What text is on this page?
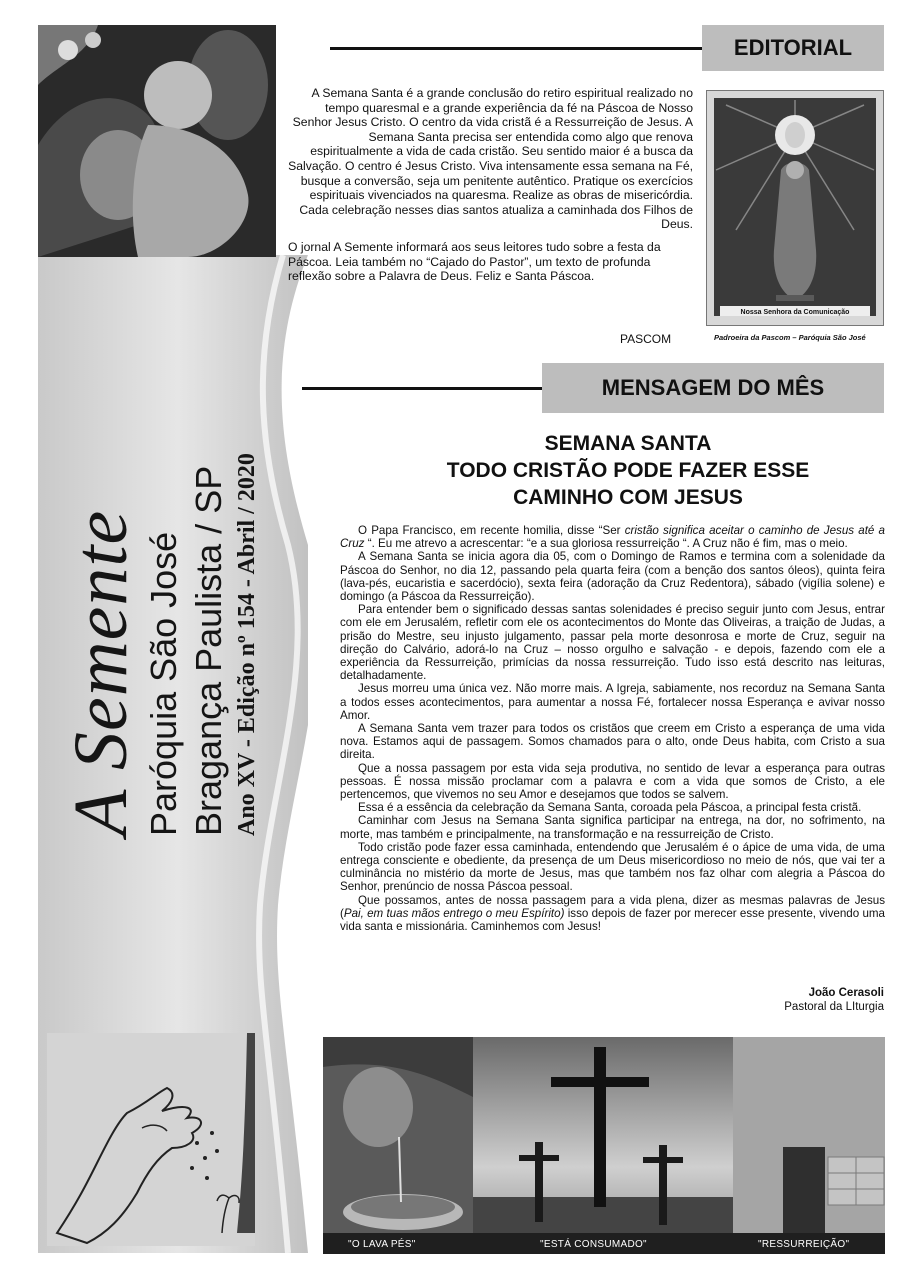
A Semente Paróquia São José Bragança Paulista / SP Ano XV - Edição nº 154 - Abril / 2020
EDITORIAL

A Semana Santa é a grande conclusão do retiro espiritual realizado no tempo quaresmal e a grande experiência da fé na Páscoa de Nosso Senhor Jesus Cristo. O centro da vida cristã é a Ressurreição de Jesus. A Semana Santa precisa ser entendida como algo que renova espiritualmente a vida de cada cristão. Seu sentido maior é a busca da Salvação. O centro é Jesus Cristo. Viva intensamente essa semana na Fé, busque a conversão, seja um penitente autêntico. Pratique os exercícios espirituais vivenciados na quaresma. Realize as obras de misericórdia. Cada celebração nesses dias santos atualiza a caminhada dos Filhos de Deus.

O jornal A Semente informará aos seus leitores tudo sobre a festa da Páscoa. Leia também no “Cajado do Pastor”, um texto de profunda reflexão sobre a Palavra de Deus. Feliz e Santa Páscoa.

PASCOM
Nossa Senhora da Comunicação
Padroeira da Pascom – Paróquia São José
MENSAGEM DO MÊS
SEMANA SANTA
TODO CRISTÃO PODE FAZER ESSE
CAMINHO COM JESUS

O Papa Francisco, em recente homilia, disse “Ser cristão significa aceitar o caminho de Jesus até a Cruz “. Eu me atrevo a acrescentar: “e a sua gloriosa ressurreição “. A Cruz não é fim, mas o meio.

A Semana Santa se inicia agora dia 05, com o Domingo de Ramos e termina com a solenidade da Páscoa do Senhor, no dia 12, passando pela quarta feira (com a benção dos santos óleos), quinta feira (lava-pés, eucaristia e sacerdócio), sexta feira (adoração da Cruz Redentora), sábado (vigília solene) e domingo (a Páscoa da Ressurreição).

Para entender bem o significado dessas santas solenidades é preciso seguir junto com Jesus, entrar com ele em Jerusalém, refletir com ele os acontecimentos do Monte das Oliveiras, a traição de Judas, a prisão do Mestre, seu injusto julgamento, passar pela morte desonrosa e morte de Cruz, seguir na direção do Calvário, adorá-lo na Cruz – nosso orgulho e salvação - e depois, fazendo com ele a experiência da Ressurreição, primícias da nossa ressurreição. Tudo isso está descrito nas leituras, detalhadamente.

Jesus morreu uma única vez. Não morre mais. A Igreja, sabiamente, nos recorduz na Semana Santa a todos esses acontecimentos, para aumentar a nossa Fé, fortalecer nossa Esperança e avivar nosso Amor.

A Semana Santa vem trazer para todos os cristãos que creem em Cristo a esperança de uma vida nova. Estamos aqui de passagem. Somos chamados para o alto, onde Deus habita, com Cristo a sua direita.

Que a nossa passagem por esta vida seja produtiva, no sentido de levar a esperança para outras pessoas. É nossa missão proclamar com a palavra e com a vida que somos de Cristo, a ele pertencemos, que vivemos no seu Amor e desejamos que todos se salvem.

Essa é a essência da celebração da Semana Santa, coroada pela Páscoa, a principal festa cristã.

Caminhar com Jesus na Semana Santa significa participar na entrega, na dor, no sofrimento, na morte, mas também e principalmente, na transformação e na ressurreição de Cristo.

Todo cristão pode fazer essa caminhada, entendendo que Jerusalém é o ápice de uma vida, de uma entrega consciente e obediente, da presença de um Deus misericordioso no meio de nós, que vai ter a culminância no mistério da morte de Jesus, mas que também nos faz olhar com alegria a Páscoa do Senhor, prenúncio de nossa Páscoa pessoal.

Que possamos, antes de nossa passagem para a vida plena, dizer as mesmas palavras de Jesus (Pai, em tuas mãos entrego o meu Espírito) isso depois de fazer por merecer esse presente, vivendo uma vida santa e missionária. Caminhemos com Jesus!

João Cerasoli
Pastoral da LIturgia
"O LAVA PÉS"	"ESTÁ CONSUMADO"	"RESSURREIÇÃO"
